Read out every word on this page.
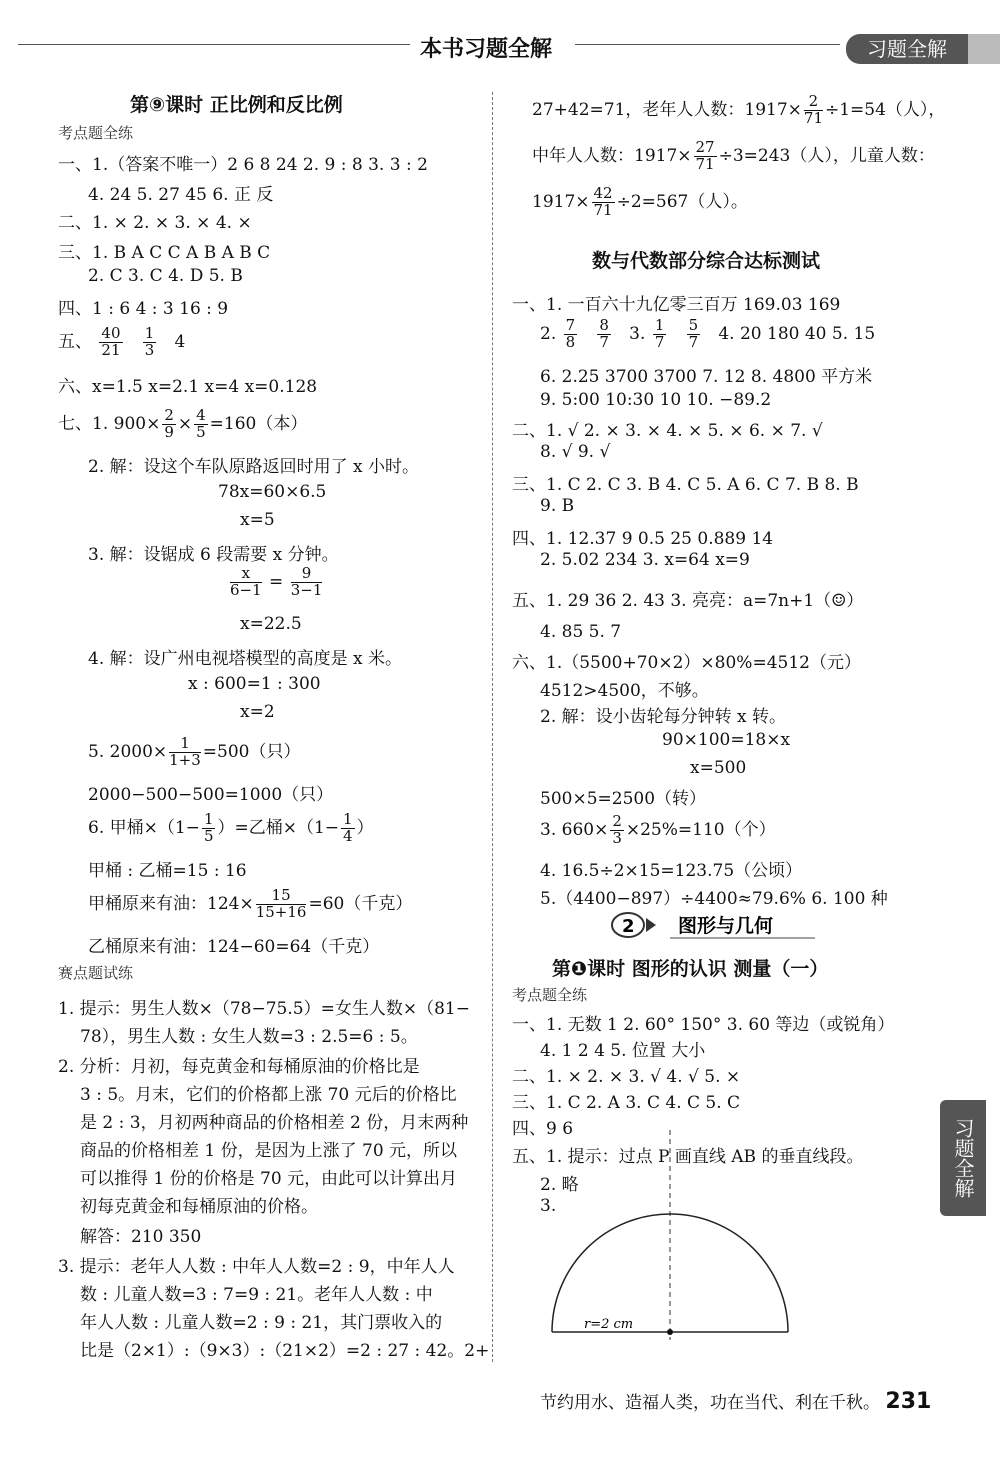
本书习题全解	习题全解
第⑨课时 正比例和反比例
考点题全练
一、1.（答案不唯一）2 6 8 24 2. 9 : 8 3. 3 : 2
4. 24 5. 27 45 6. 正 反
二、1. × 2. × 3. × 4. ×
三、1. B A C C A B A B C
2. C 3. C 4. D 5. B
四、1 : 6 4 : 3 16 : 9
六、x=1.5 x=2.1 x=4 x=0.128
2. 解：设这个车队原路返回时用了 x 小时。
78x=60×6.5
x=5
3. 解：设锯成 6 段需要 x 分钟。
x=22.5
4. 解：设广州电视塔模型的高度是 x 米。
x : 600=1 : 300
x=2
2000−500−500=1000（只）
甲桶 : 乙桶=15 : 16
乙桶原来有油：124−60=64（千克）
赛点题试练
1. 提示：男生人数×（78−75.5）=女生人数×（81−
78），男生人数 : 女生人数=3 : 2.5=6 : 5。
2. 分析：月初，每克黄金和每桶原油的价格比是
3 : 5。月末，它们的价格都上涨 70 元后的价格比
是 2 : 3，月初两种商品的价格相差 2 份，月末两种
商品的价格相差 1 份，是因为上涨了 70 元，所以
可以推得 1 份的价格是 70 元，由此可以计算出月
初每克黄金和每桶原油的价格。
解答：210 350
3. 提示：老年人人数 : 中年人人数=2 : 9，中年人人
数 : 儿童人数=3 : 7=9 : 21。老年人人数 : 中
年人人数 : 儿童人数=2 : 9 : 21，其门票收入的
比是（2×1）:（9×3）:（21×2）=2 : 27 : 42。2+
数与代数部分综合达标测试
一、1. 一百六十九亿零三百万 169.03 169
6. 2.25 3700 3700 7. 12 8. 4800 平方米
9. 5:00 10:30 10 10. −89.2
二、1. √ 2. × 3. × 4. × 5. × 6. × 7. √
8. √ 9. √
三、1. C 2. C 3. B 4. C 5. A 6. C 7. B 8. B
9. B
四、1. 12.37 9 0.5 25 0.889 14
2. 5.02 234 3. x=64 x=9
五、1. 29 36 2. 43 3. 亮亮：a=7n+1（☺）
4. 85 5. 7
六、1.（5500+70×2）×80%=4512（元）
4512>4500，不够。
2. 解：设小齿轮每分钟转 x 转。
90×100=18×x
x=500
500×5=2500（转）
4. 16.5÷2×15=123.75（公顷）
5.（4400−897）÷4400≈79.6% 6. 100 种
第❶课时 图形的认识 测量（一）
考点题全练
一、1. 无数 1 2. 60° 150° 3. 60 等边（或锐角）
4. 1 2 4 5. 位置 大小
二、1. × 2. × 3. √ 4. √ 5. ×
三、1. C 2. A 3. C 4. C 5. C
四、9 6
五、1. 提示：过点 P 画直线 AB 的垂直线段。
2. 略
3.
五、 $\frac{40}{21}$
$\frac{1}{3} 4$
七、1. $900\times \frac{2}{9} \times \frac{4}{5} =160$（本）
$\frac{x}{6-1} = \frac{9}{3-1}$
5. $2000\times \frac{1}{1+3} =500$（只）
6. 甲桶$\times(1- \frac{1}{5}$ ）=乙桶$\times(1- \frac{1}{4}$ ）
甲桶原来有油：$124\times \frac{15}{15+16} =60$（千克）
27+42=71，老年人人数：$1917\times \frac{2}{71} \div 1=54$（人），
中年人人数：$1917\times \frac{27}{71} \div 3=243$（人），儿童人数：
$1917\times \frac{42}{71} \div 2=567$（人）。
2. $\frac{7}{8}$
$\frac{8}{7} 3$. $\frac{1}{7}$
$\frac{5}{7} 4$. 20 180 40 5. 15
3. $660\times \frac{2}{3} \times 25\%=110$（个）
2 图形与几何
r=2 cm
习题全解
节约用水、造福人类，功在当代、利在千秋。 231
